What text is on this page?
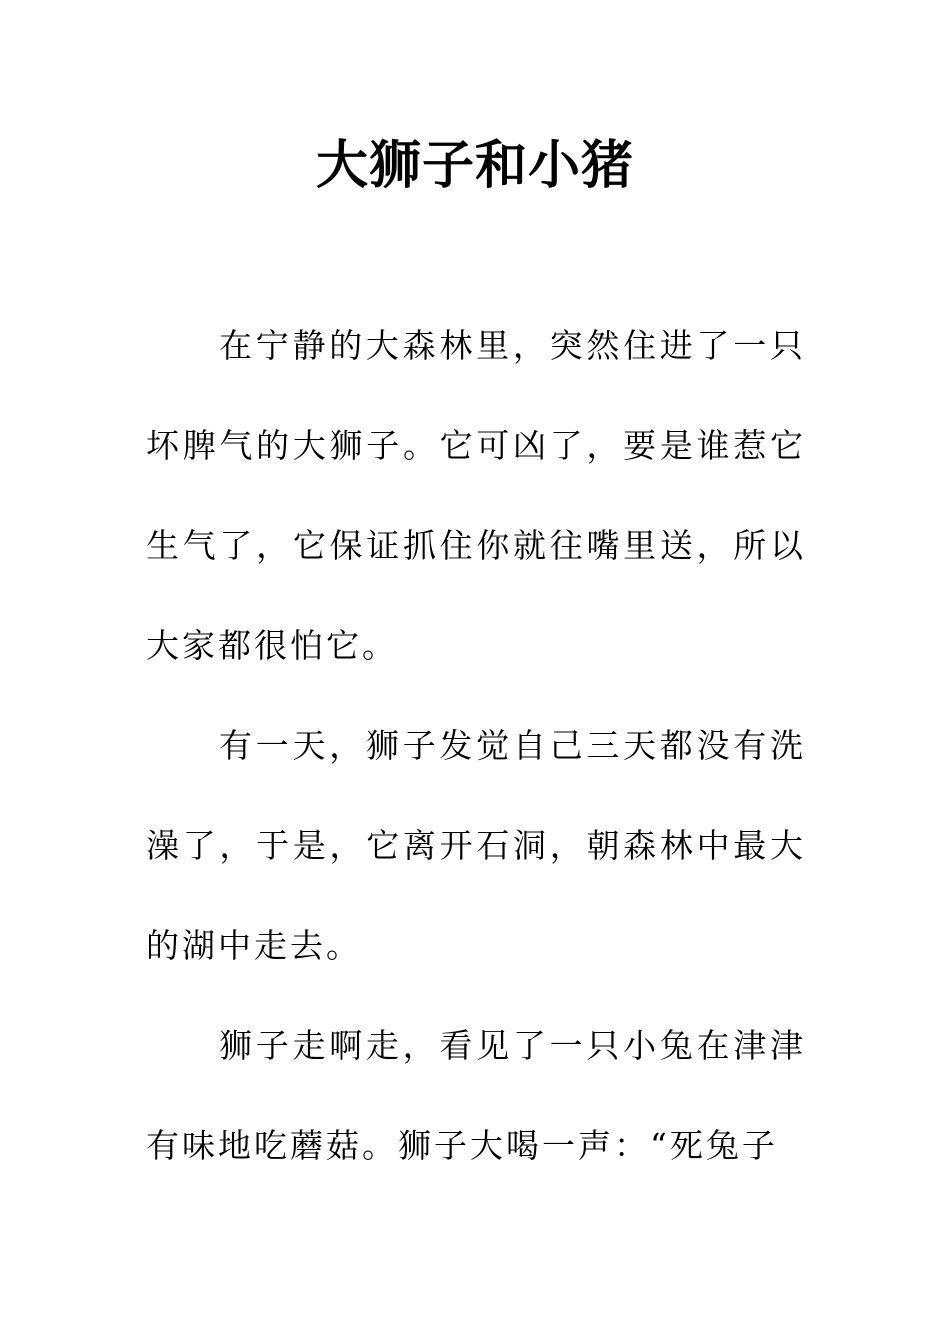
大狮子和小猪

在宁静的大森林里，突然住进了一只坏脾气的大狮子。它可凶了，要是谁惹它生气了，它保证抓住你就往嘴里送，所以大家都很怕它。

有一天，狮子发觉自己三天都没有洗澡了，于是，它离开石洞，朝森林中最大的湖中走去。

狮子走啊走，看见了一只小兔在津津有味地吃蘑菇。狮子大喝一声：“死兔子
